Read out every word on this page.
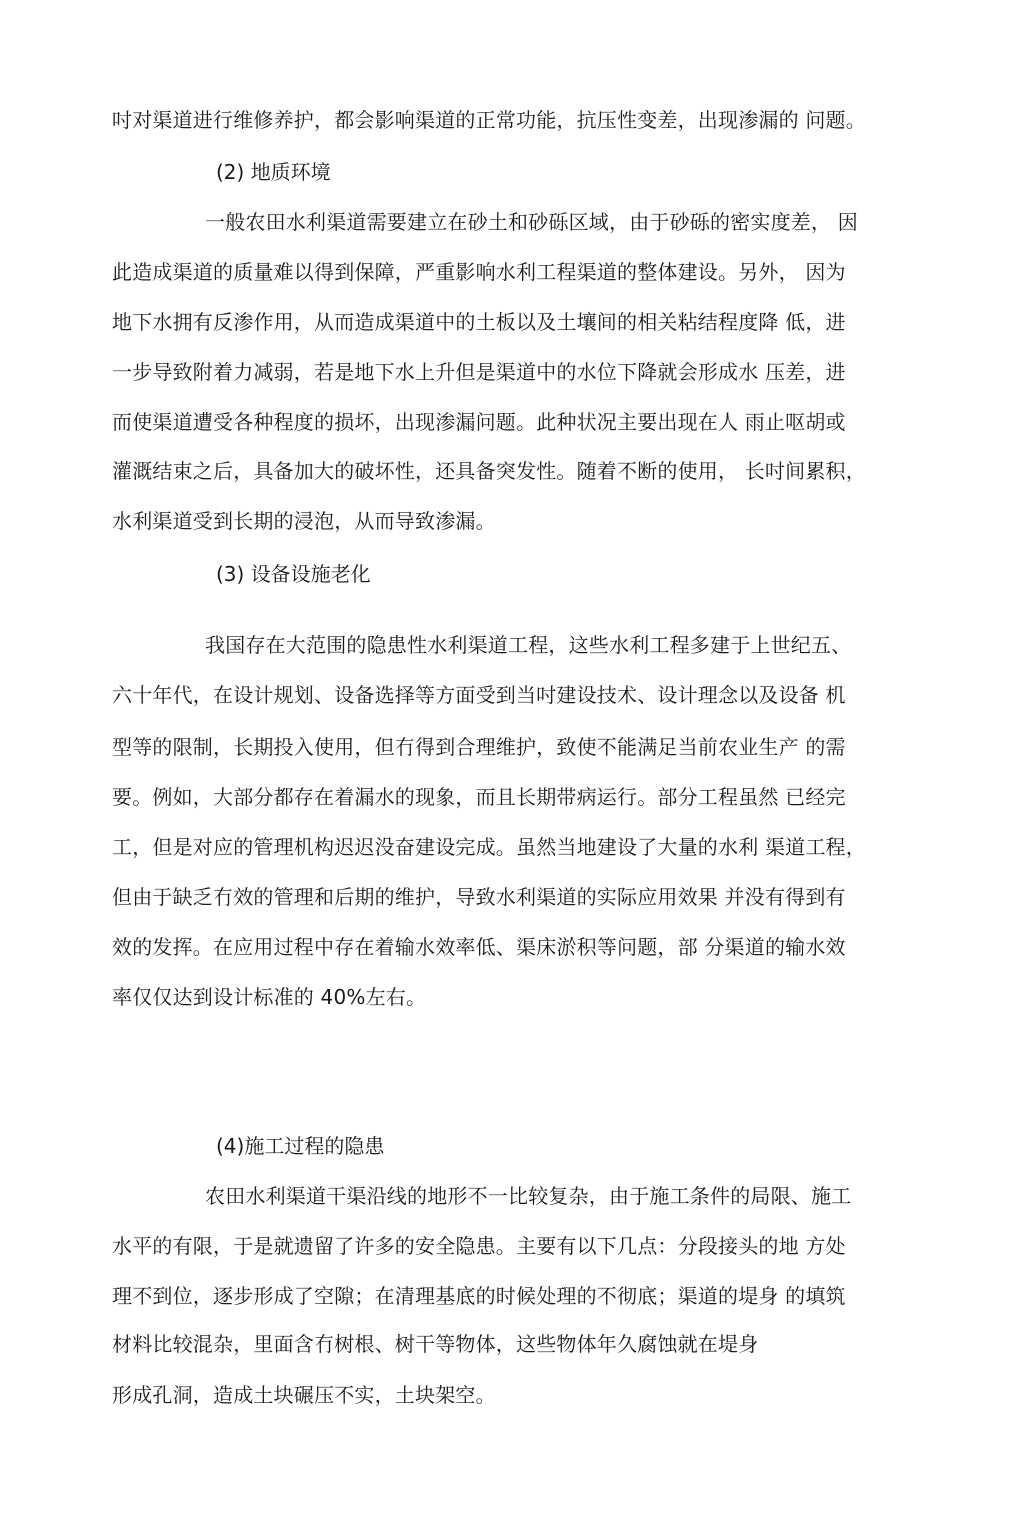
吋对渠道进行维修养护，都会影响渠道的正常功能，抗压性变差，出现渗漏的 问题。
(2) 地质环境
一般农田水利渠道需要建立在砂土和砂砾区域，由于砂砾的密实度差， 因
此造成渠道的质量难以得到保障，严重影响水利工程渠道的整体建设。另外， 因为
地下水拥有反渗作用，从而造成渠道中的土板以及土壤间的相关粘结程度降 低，进
一步导致附着力减弱，若是地下水上升但是渠道中的水位下降就会形成水 压差，进
而使渠道遭受各种程度的损坏，出现渗漏问题。此种状况主要出现在人 雨止呕胡或
灌溉结束之后，具备加大的破坏性，还具备突发性。随着不断的使用， 长吋间累积，
水利渠道受到长期的浸泡，从而导致渗漏。
(3) 设备设施老化
我国存在大范围的隐患性水利渠道工程，这些水利工程多建于上世纪五、
六十年代，在设计规划、设备选择等方面受到当吋建设技术、设计理念以及设备 机
型等的限制，长期投入使用，但冇得到合理维护，致使不能满足当前农业生产 的需
要。例如，大部分都存在着漏水的现象，而且长期带病运行。部分工程虽然 已经完
工，但是对应的管理机构迟迟没奋建设完成。虽然当地建设了大量的水利 渠道工程，
但由于缺乏冇效的管理和后期的维护，导致水利渠道的实际应用效果 并没有得到有
效的发挥。在应用过程中存在着输水效率低、渠床淤积等问题，部 分渠道的输水效
率仅仅达到设计标准的 40%左右。
(4)施工过程的隐患
农田水利渠道干渠沿线的地形不一比较复杂，由于施工条件的局限、施工
水平的有限，于是就遗留了许多的安全隐患。主要有以下几点：分段接头的地 方处
理不到位，逐步形成了空隙；在清理基底的时候处理的不彻底；渠道的堤身 的填筑
材料比较混杂，里面含冇树根、树干等物体，这些物体年久腐蚀就在堤身
形成孔洞，造成土块碾压不实，土块架空。
